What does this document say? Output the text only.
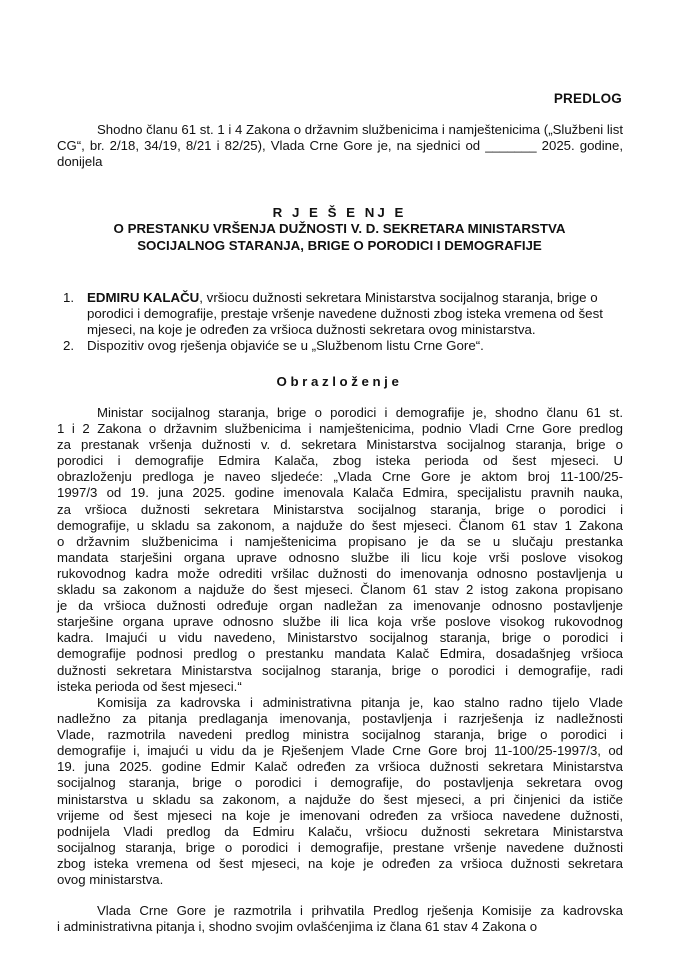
PREDLOG
Shodno članu 61 st. 1 i 4 Zakona o državnim službenicima i namještenicima („Službeni list CG“, br. 2/18, 34/19, 8/21 i 82/25), Vlada Crne Gore je, na sjednici od _______ 2025. godine, donijela
R J E Š E NJ E
O PRESTANKU VRŠENJA DUŽNOSTI V. D. SEKRETARA MINISTARSTVA
SOCIJALNOG STARANJA, BRIGE O PORODICI I DEMOGRAFIJE
1. EDMIRU KALAČU, vršiocu dužnosti sekretara Ministarstva socijalnog staranja, brige o porodici i demografije, prestaje vršenje navedene dužnosti zbog isteka vremena od šest mjeseci, na koje je određen za vršioca dužnosti sekretara ovog ministarstva.
2. Dispozitiv ovog rješenja objaviće se u „Službenom listu Crne Gore“.
Obrazloženje
Ministar socijalnog staranja, brige o porodici i demografije je, shodno članu 61 st.
1 i 2 Zakona o državnim službenicima i namještenicima, podnio Vladi Crne Gore predlog
za prestanak vršenja dužnosti v. d. sekretara Ministarstva socijalnog staranja, brige o
porodici i demografije Edmira Kalača, zbog isteka perioda od šest mjeseci. U
obrazloženju predloga je naveo sljedeće: „Vlada Crne Gore je aktom broj 11-100/25-
1997/3 od 19. juna 2025. godine imenovala Kalača Edmira, specijalistu pravnih nauka,
za vršioca dužnosti sekretara Ministarstva socijalnog staranja, brige o porodici i
demografije, u skladu sa zakonom, a najduže do šest mjeseci. Članom 61 stav 1 Zakona
o državnim službenicima i namještenicima propisano je da se u slučaju prestanka
mandata starješini organa uprave odnosno službe ili licu koje vrši poslove visokog
rukovodnog kadra može odrediti vršilac dužnosti do imenovanja odnosno postavljenja u
skladu sa zakonom a najduže do šest mjeseci. Članom 61 stav 2 istog zakona propisano
je da vršioca dužnosti određuje organ nadležan za imenovanje odnosno postavljenje
starješine organa uprave odnosno službe ili lica koja vrše poslove visokog rukovodnog
kadra. Imajući u vidu navedeno, Ministarstvo socijalnog staranja, brige o porodici i
demografije podnosi predlog o prestanku mandata Kalač Edmira, dosadašnjeg vršioca
dužnosti sekretara Ministarstva socijalnog staranja, brige o porodici i demografije, radi
isteka perioda od šest mjeseci.“
Komisija za kadrovska i administrativna pitanja je, kao stalno radno tijelo Vlade
nadležno za pitanja predlaganja imenovanja, postavljenja i razrješenja iz nadležnosti
Vlade, razmotrila navedeni predlog ministra socijalnog staranja, brige o porodici i
demografije i, imajući u vidu da je Rješenjem Vlade Crne Gore broj 11-100/25-1997/3, od
19. juna 2025. godine Edmir Kalač određen za vršioca dužnosti sekretara Ministarstva
socijalnog staranja, brige o porodici i demografije, do postavljenja sekretara ovog
ministarstva u skladu sa zakonom, a najduže do šest mjeseci, a pri činjenici da ističe
vrijeme od šest mjeseci na koje je imenovani određen za vršioca navedene dužnosti,
podnijela Vladi predlog da Edmiru Kalaču, vršiocu dužnosti sekretara Ministarstva
socijalnog staranja, brige o porodici i demografije, prestane vršenje navedene dužnosti
zbog isteka vremena od šest mjeseci, na koje je određen za vršioca dužnosti sekretara
ovog ministarstva.
Vlada Crne Gore je razmotrila i prihvatila Predlog rješenja Komisije za kadrovska
i administrativna pitanja i, shodno svojim ovlašćenjima iz člana 61 stav 4 Zakona o
